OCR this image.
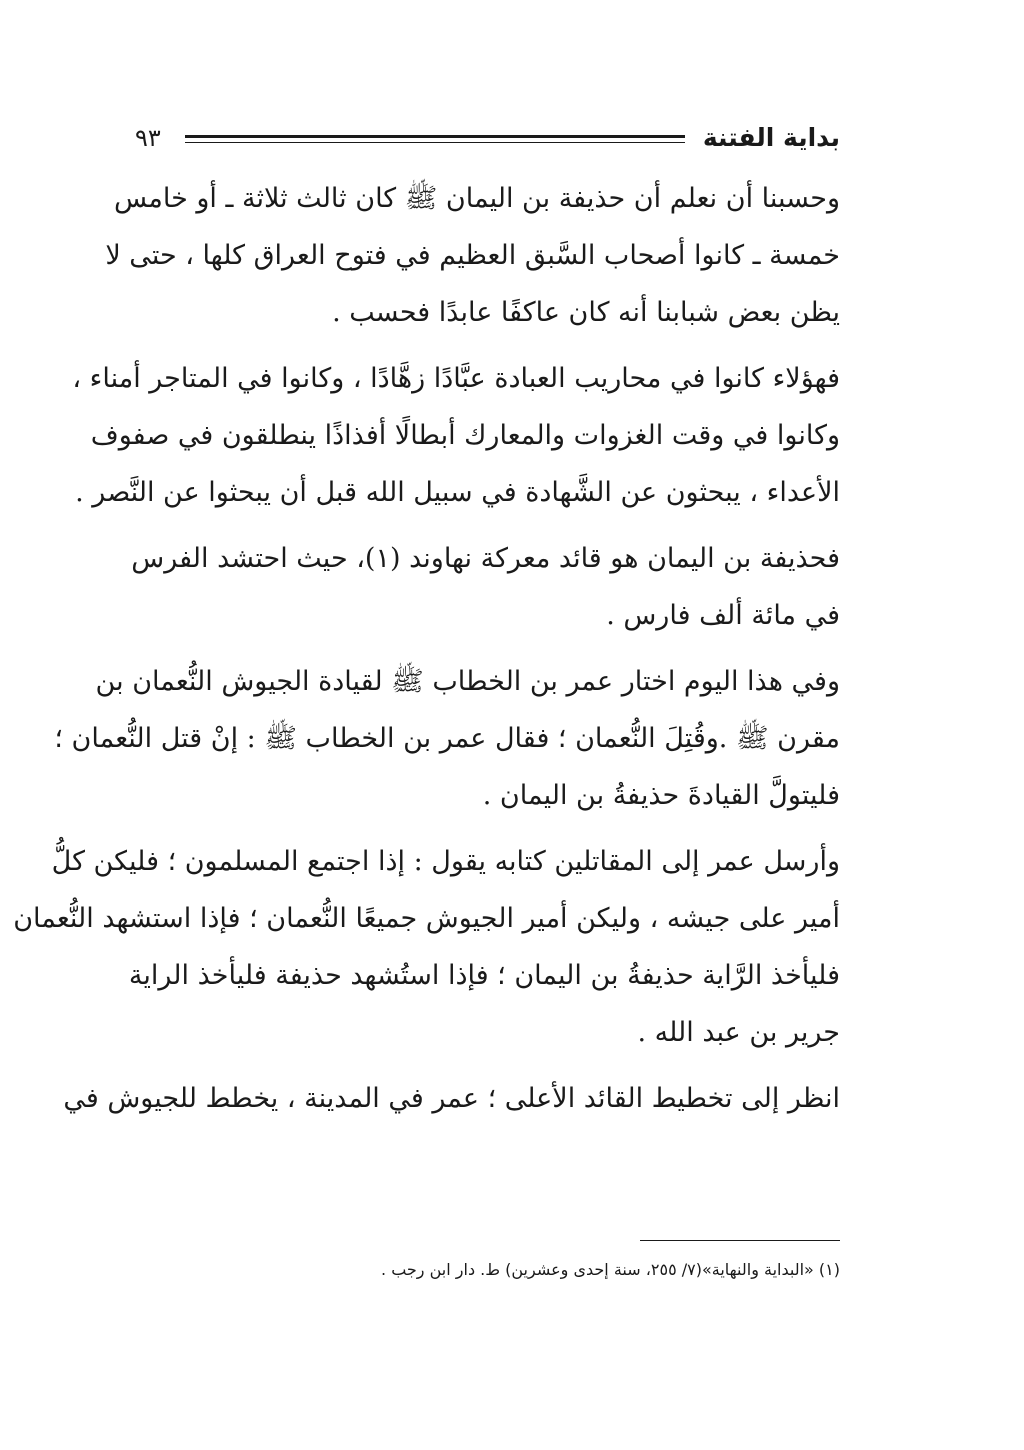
بداية الفتنة
٩٣
وحسبنا أن نعلم أن حذيفة بن اليمان ﷺ كان ثالث ثلاثة ـ أو خامس
خمسة ـ كانوا أصحاب السَّبق العظيم في فتوح العراق كلها ، حتى لا
يظن بعض شبابنا أنه كان عاكفًا عابدًا فحسب .
فهؤلاء كانوا في محاريب العبادة عبَّادًا زهَّادًا ، وكانوا في المتاجر أمناء ،
وكانوا في وقت الغزوات والمعارك أبطالًا أفذاذًا ينطلقون في صفوف
الأعداء ، يبحثون عن الشَّهادة في سبيل الله قبل أن يبحثوا عن النَّصر .
فحذيفة بن اليمان هو قائد معركة نهاوند (١)، حيث احتشد الفرس
في مائة ألف فارس .
وفي هذا اليوم اختار عمر بن الخطاب ﷺ لقيادة الجيوش النُّعمان بن
مقرن ﷺ .وقُتِلَ النُّعمان ؛ فقال عمر بن الخطاب ﷺ : إنْ قتل النُّعمان ؛
فليتولَّ القيادةَ حذيفةُ بن اليمان .
وأرسل عمر إلى المقاتلين كتابه يقول : إذا اجتمع المسلمون ؛ فليكن كلُّ
أمير على جيشه ، وليكن أمير الجيوش جميعًا النُّعمان ؛ فإذا استشهد النُّعمان
فليأخذ الرَّاية حذيفةُ بن اليمان ؛ فإذا استُشهد حذيفة فليأخذ الراية
جرير بن عبد الله .
انظر إلى تخطيط القائد الأعلى ؛ عمر في المدينة ، يخطط للجيوش في
(١) «البداية والنهاية»(٧/ ٢٥٥، سنة إحدى وعشرين) ط. دار ابن رجب .
